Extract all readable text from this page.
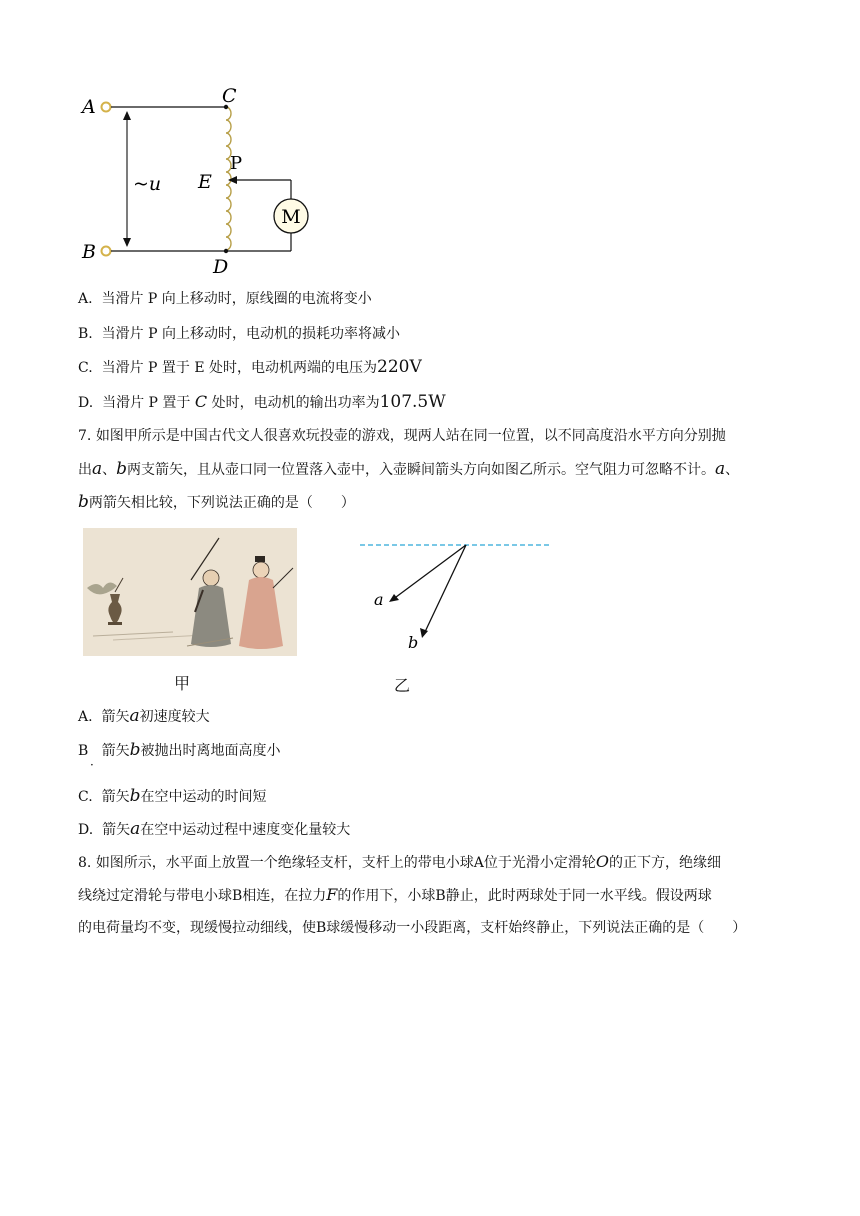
M
A
B
C
D
E
P
~u
A. 当滑片 P 向上移动时，原线圈的电流将变小
B. 当滑片 P 向上移动时，电动机的损耗功率将减小
C. 当滑片 P 置于 E 处时，电动机两端的电压为220V
D. 当滑片 P 置于 C 处时，电动机的输出功率为107.5W
7. 如图甲所示是中国古代文人很喜欢玩投壶的游戏，现两人站在同一位置，以不同高度沿水平方向分别抛
出a、b两支箭矢，且从壶口同一位置落入壶中，入壶瞬间箭头方向如图乙所示。空气阻力可忽略不计。a、
b两箭矢相比较，下列说法正确的是（　　）
甲
a
b
乙
A. 箭矢a初速度较大
B 箭矢b被抛出时离地面高度小
·
C. 箭矢b在空中运动的时间短
D. 箭矢a在空中运动过程中速度变化量较大
8. 如图所示，水平面上放置一个绝缘轻支杆，支杆上的带电小球A位于光滑小定滑轮O的正下方，绝缘细
线绕过定滑轮与带电小球B相连，在拉力F的作用下，小球B静止，此时两球处于同一水平线。假设两球
的电荷量均不变，现缓慢拉动细线，使B球缓慢移动一小段距离，支杆始终静止，下列说法正确的是（　　）
